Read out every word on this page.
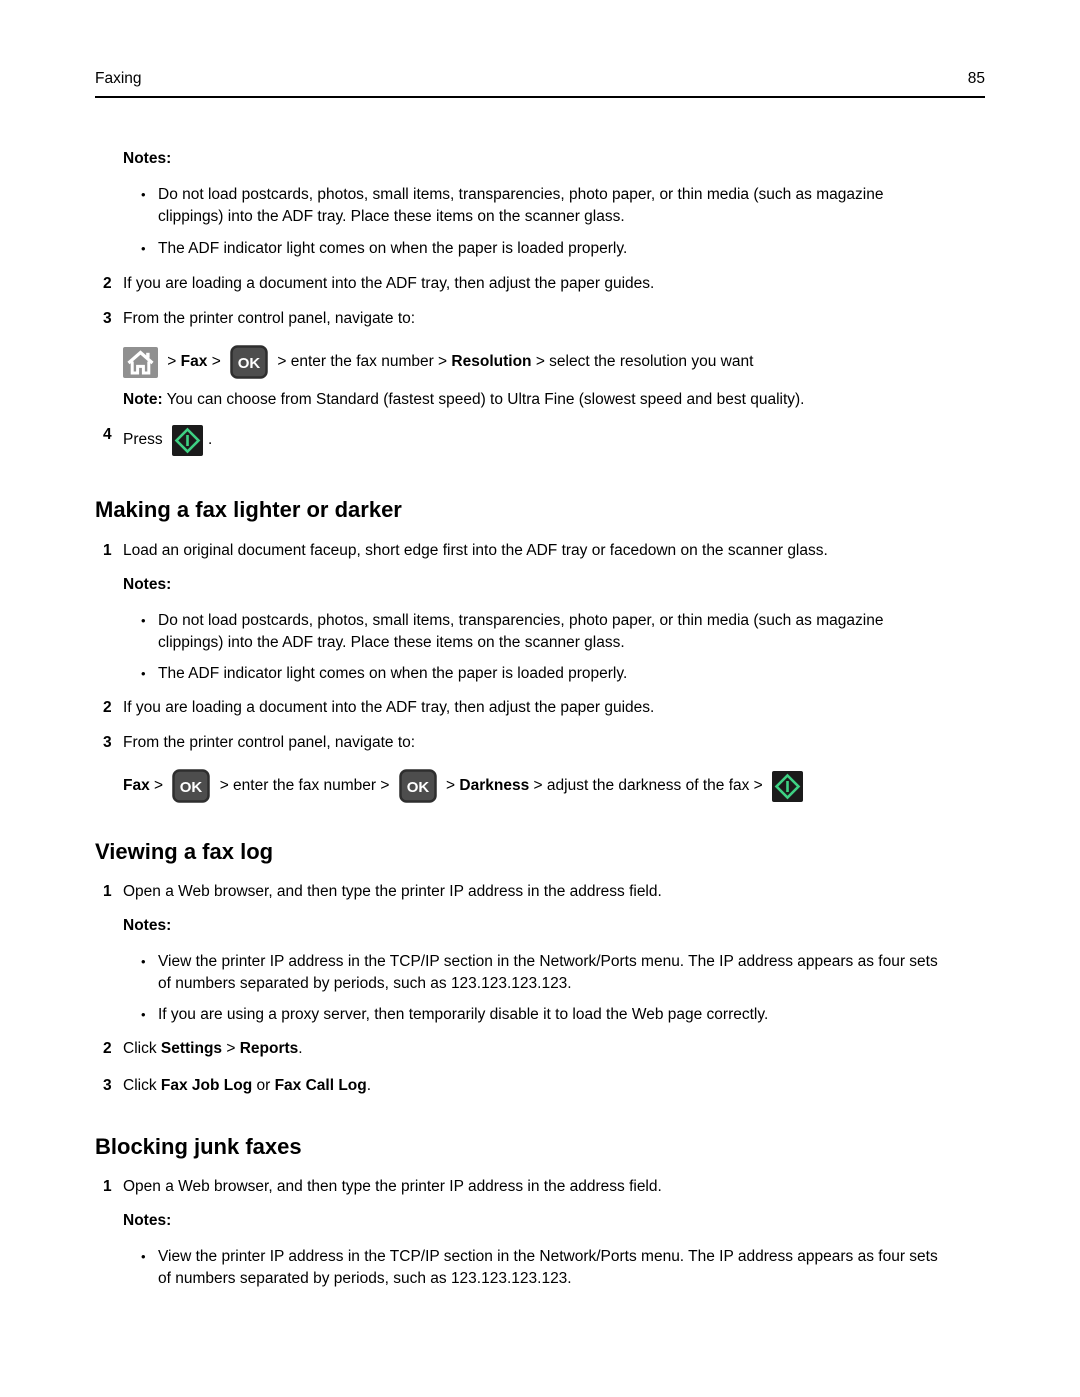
Faxing	85
Notes:
• Do not load postcards, photos, small items, transparencies, photo paper, or thin media (such as magazine clippings) into the ADF tray. Place these items on the scanner glass.
• The ADF indicator light comes on when the paper is loaded properly.
2 If you are loading a document into the ADF tray, then adjust the paper guides.
3 From the printer control panel, navigate to:
> Fax > OK > enter the fax number > Resolution > select the resolution you want
Note: You can choose from Standard (fastest speed) to Ultra Fine (slowest speed and best quality).
4 Press	.
Making a fax lighter or darker
1 Load an original document faceup, short edge first into the ADF tray or facedown on the scanner glass.
Notes:
• Do not load postcards, photos, small items, transparencies, photo paper, or thin media (such as magazine clippings) into the ADF tray. Place these items on the scanner glass.
• The ADF indicator light comes on when the paper is loaded properly.
2 If you are loading a document into the ADF tray, then adjust the paper guides.
3 From the printer control panel, navigate to:
Fax > OK > enter the fax number > OK > Darkness > adjust the darkness of the fax >
Viewing a fax log
1 Open a Web browser, and then type the printer IP address in the address field.
Notes:
• View the printer IP address in the TCP/IP section in the Network/Ports menu. The IP address appears as four sets of numbers separated by periods, such as 123.123.123.123.
• If you are using a proxy server, then temporarily disable it to load the Web page correctly.
2 Click Settings > Reports .
3 Click Fax Job Log or Fax Call Log .
Blocking junk faxes
1 Open a Web browser, and then type the printer IP address in the address field.
Notes:
• View the printer IP address in the TCP/IP section in the Network/Ports menu. The IP address appears as four sets of numbers separated by periods, such as 123.123.123.123.
